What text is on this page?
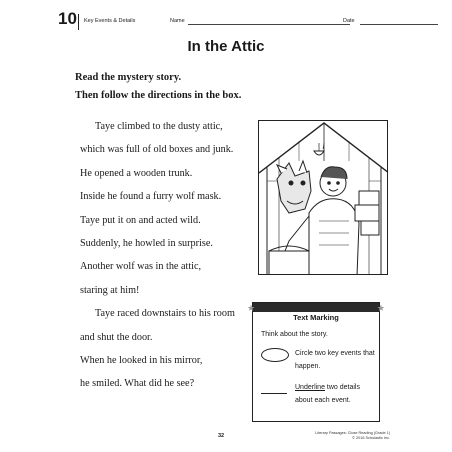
10 Key Events & Details	Name	Date
In the Attic
Read the mystery story.
Then follow the directions in the box.
Taye climbed to the dusty attic,
which was full of old boxes and junk.
He opened a wooden trunk.
Inside he found a furry wolf mask.
Taye put it on and acted wild.
Suddenly, he howled in surprise.
Another wolf was in the attic,
staring at him!
Taye raced downstairs to his room
and shut the door.
When he looked in his mirror,
he smiled. What did he see?
★	★
Text Marking
Think about the story.
Circle two key events that happen.
Underline two details about each event.
32	Literary Passages: Close Reading (Grade 1)
© 2016 Scholastic Inc.
